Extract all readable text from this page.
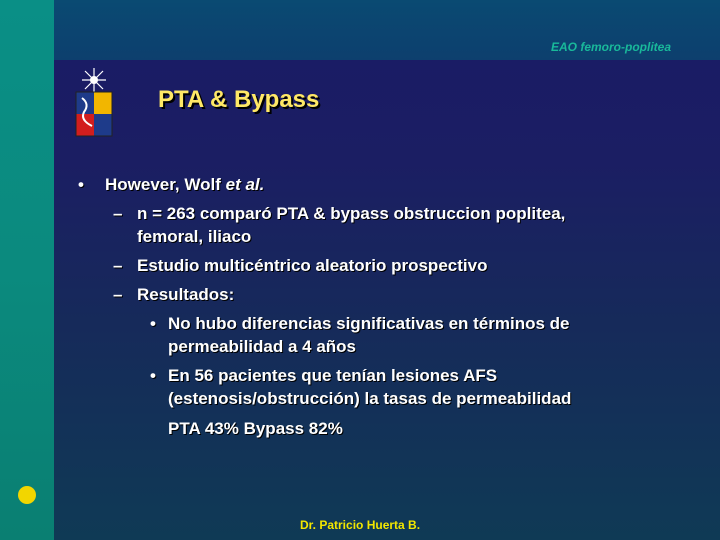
EAO femoro-poplitea
PTA & Bypass
• However, Wolf et al.
– n = 263 comparó PTA & bypass obstruccion poplitea,
femoral, iliaco
– Estudio multicéntrico aleatorio prospectivo
– Resultados:
• No hubo diferencias significativas en términos de
permeabilidad a 4 años
• En 56 pacientes que tenían lesiones AFS
(estenosis/obstrucción) la tasas de permeabilidad
PTA 43% Bypass 82%
Dr. Patricio Huerta B.
